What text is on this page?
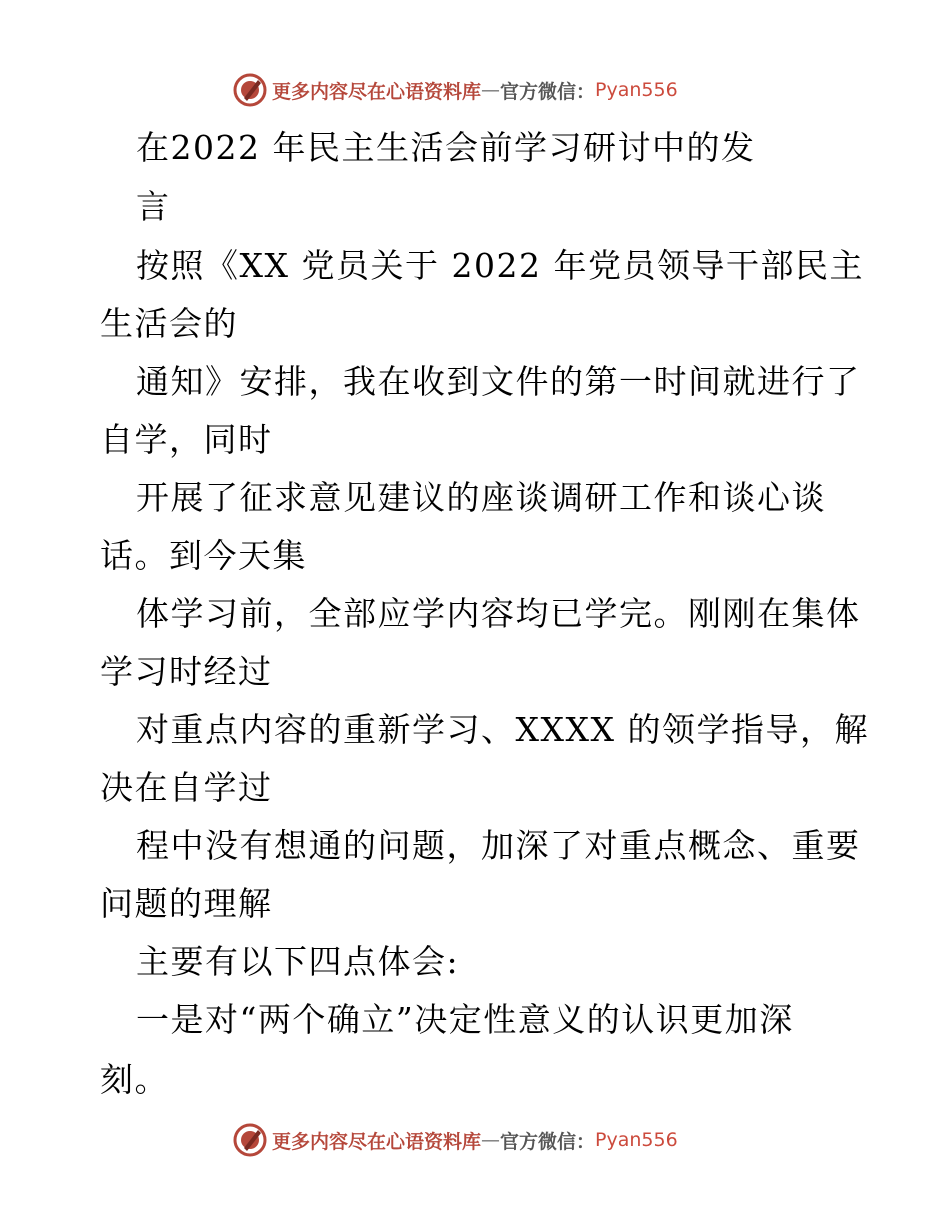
更多内容尽在心语资料库 — 官方微信： Pyan556
在2022 年民主生活会前学习研讨中的发
言
按照《XX 党员关于 2022 年党员领导干部民主
生活会的
通知》安排，我在收到文件的第一时间就进行了
自学，同时
开展了征求意见建议的座谈调研工作和谈心谈
话。到今天集
体学习前，全部应学内容均已学完。刚刚在集体
学习时经过
对重点内容的重新学习、XXXX 的领学指导，解
决在自学过
程中没有想通的问题，加深了对重点概念、重要
问题的理解
主要有以下四点体会:
一是对“两个确立”决定性意义的认识更加深
刻。
更多内容尽在心语资料库 — 官方微信： Pyan556
